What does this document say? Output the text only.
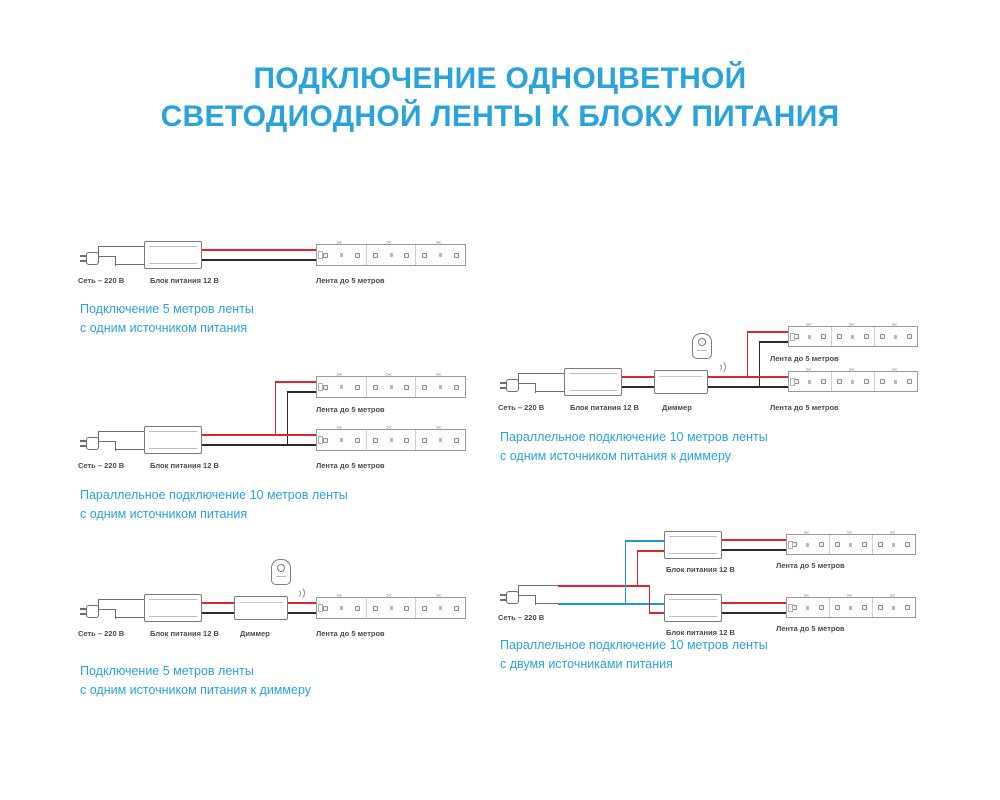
ПОДКЛЮЧЕНИЕ ОДНОЦВЕТНОЙ
СВЕТОДИОДНОЙ ЛЕНТЫ К БЛОКУ ПИТАНИЯ
✂	✂	✂
Сеть – 220 В	Блок питания 12 В	Лента до 5 метров
Подключение 5 метров ленты
с одним источником питания
✂	✂	✂
✂	✂	✂
Лента до 5 метров
Сеть – 220 В	Блок питания 12 В	Лента до 5 метров
Параллельное подключение 10 метров ленты
с одним источником питания
✂	✂	✂
Сеть – 220 В	Блок питания 12 В	Диммер	Лента до 5 метров
Подключение 5 метров ленты
с одним источником питания к диммеру
✂	✂	✂
✂	✂	✂
Лента до 5 метров
Сеть – 220 В	Блок питания 12 В	Диммер	Лента до 5 метров
Параллельное подключение 10 метров ленты
с одним источником питания к диммеру
✂	✂	✂
✂	✂	✂
Лента до 5 метров
Блок питания 12 В
Сеть – 220 В
Блок питания 12 В	Лента до 5 метров
Параллельное подключение 10 метров ленты
с двумя источниками питания
